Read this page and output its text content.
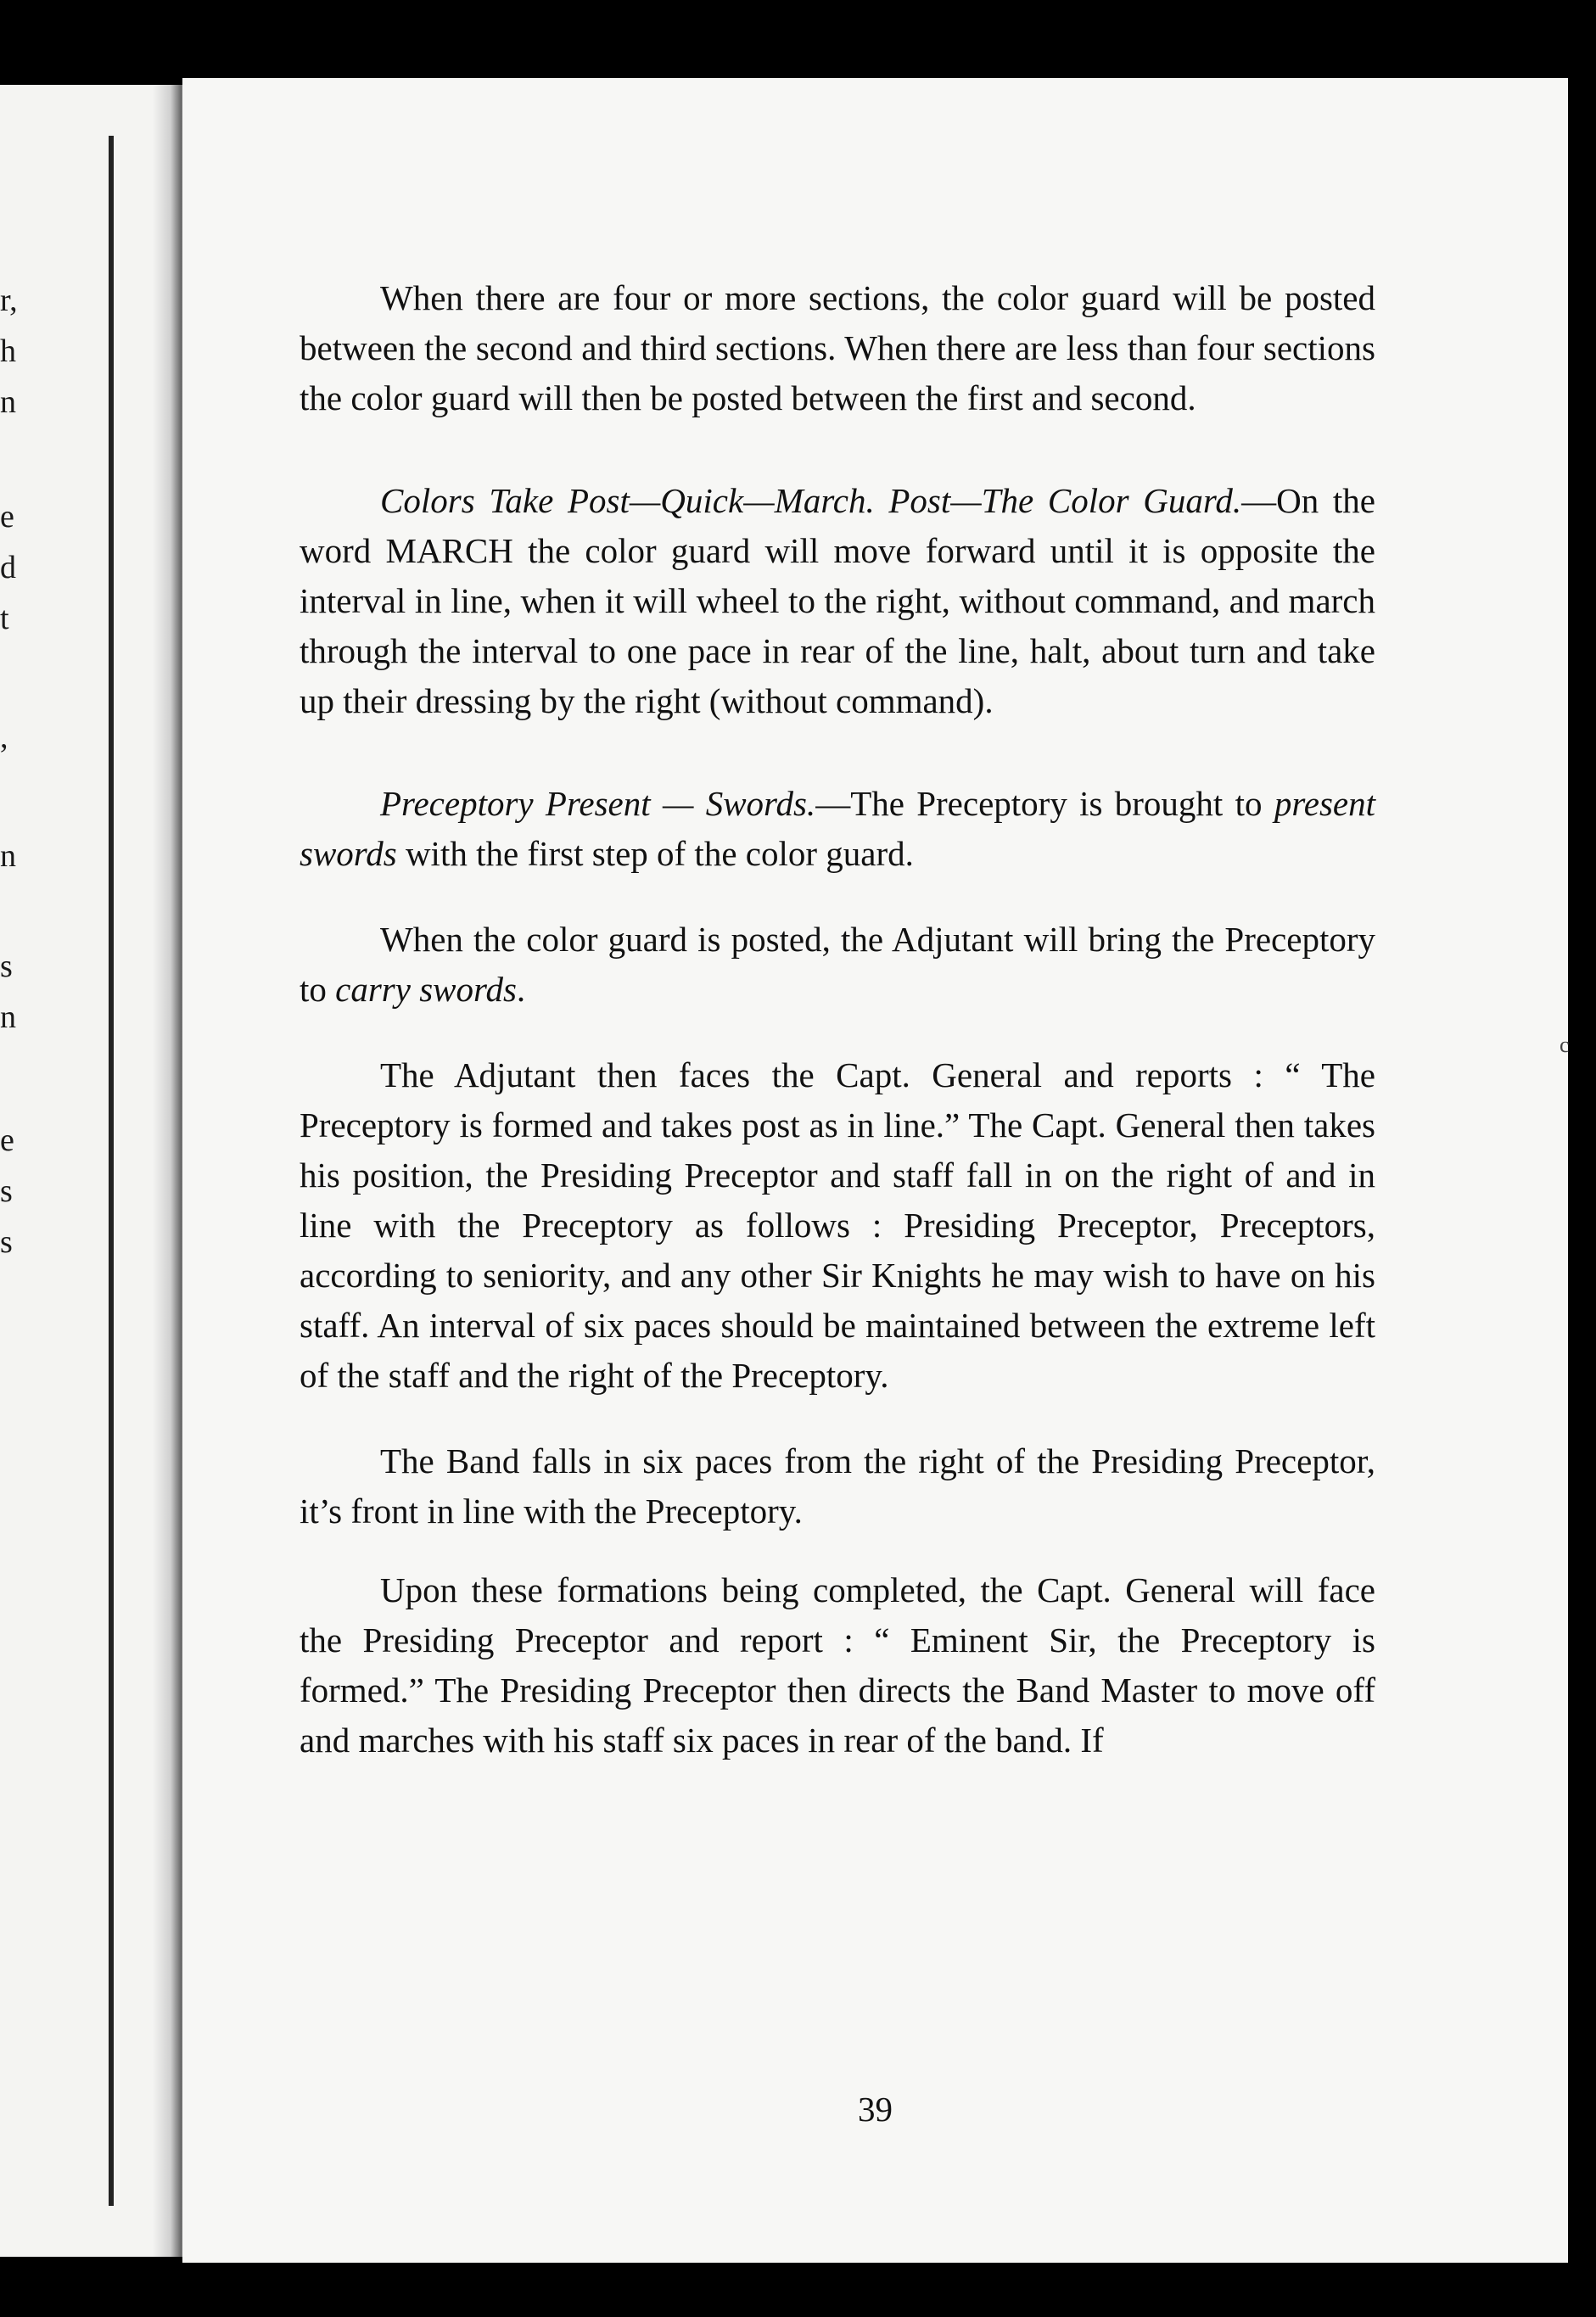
r,
h
n
e
d
t
,
n
s
n
e
s
s

When there are four or more sections, the color guard will be posted between the second and third sections. When there are less than four sections the color guard will then be posted between the first and second.

Colors Take Post—Quick—March. Post—The Color Guard.—On the word MARCH the color guard will move forward until it is opposite the interval in line, when it will wheel to the right, without command, and march through the interval to one pace in rear of the line, halt, about turn and take up their dressing by the right (without command).

Preceptory Present — Swords.—The Preceptory is brought to present swords with the first step of the color guard.

When the color guard is posted, the Adjutant will bring the Preceptory to carry swords.

The Adjutant then faces the Capt. General and reports : “ The Preceptory is formed and takes post as in line.” The Capt. General then takes his position, the Presiding Preceptor and staff fall in on the right of and in line with the Preceptory as follows : Presiding Preceptor, Preceptors, according to seniority, and any other Sir Knights he may wish to have on his staff. An interval of six paces should be maintained between the extreme left of the staff and the right of the Preceptory.

The Band falls in six paces from the right of the Presiding Preceptor, it’s front in line with the Preceptory.

Upon these formations being completed, the Capt. General will face the Presiding Preceptor and report : “ Eminent Sir, the Preceptory is formed.” The Presiding Preceptor then directs the Band Master to move off and marches with his staff six paces in rear of the band. If

39
c
